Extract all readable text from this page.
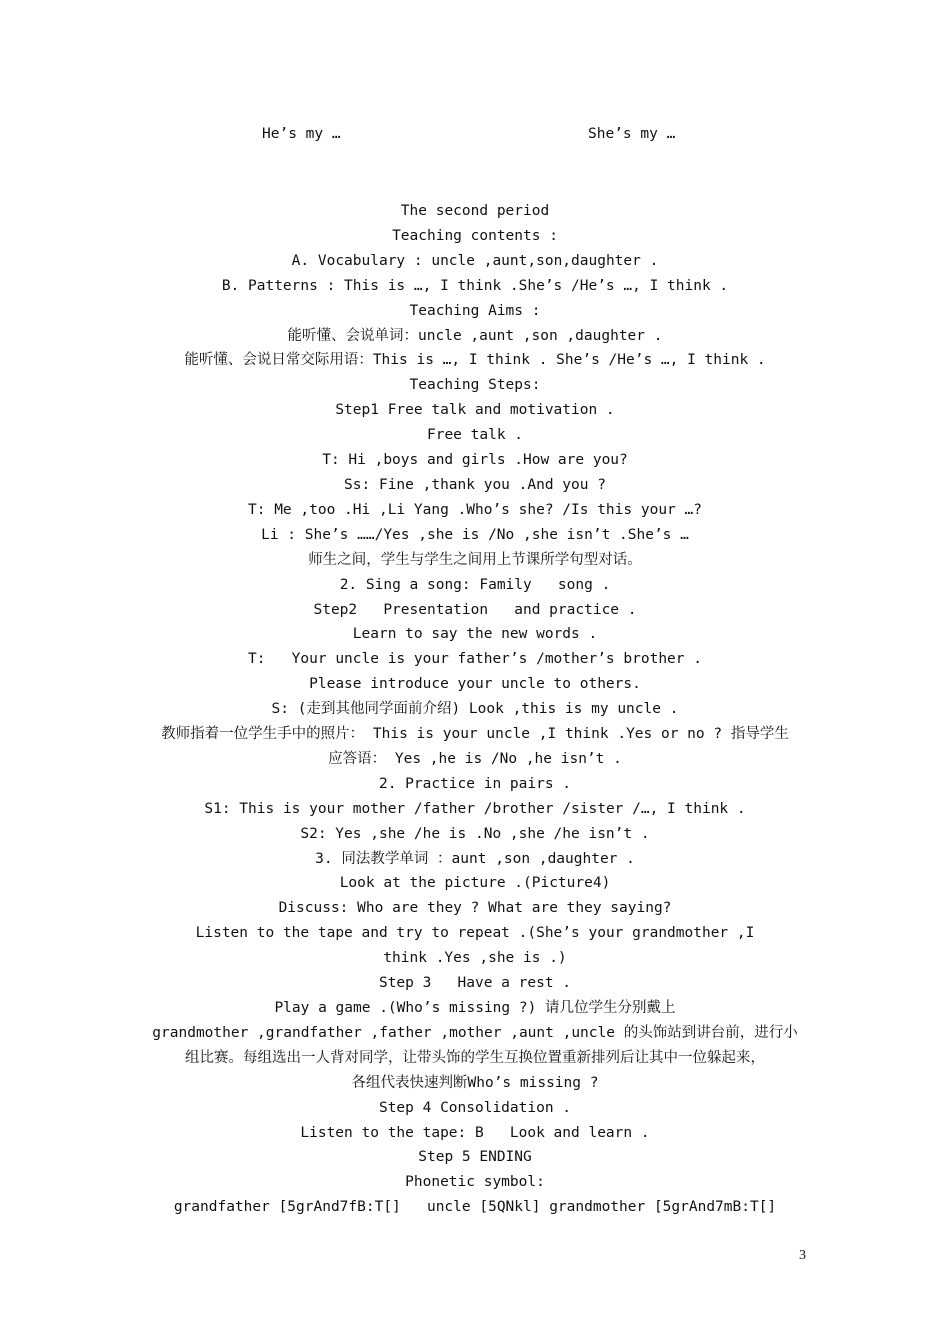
He’s my …	She’s my …
The second period
Teaching contents :
A. Vocabulary : uncle ,aunt,son,daughter .
B. Patterns : This is …, I think .She’s /He’s …, I think .
Teaching Aims :
能听懂、会说单词：uncle ,aunt ,son ,daughter .
能听懂、会说日常交际用语：This is …, I think . She’s /He’s …, I think .
Teaching Steps:
Step1 Free talk and motivation .
Free talk .
T: Hi ,boys and girls .How are you?
Ss: Fine ,thank you .And you ?
T: Me ,too .Hi ,Li Yang .Who’s she? /Is this your …?
Li : She’s ……/Yes ,she is /No ,she isn’t .She’s …
师生之间，学生与学生之间用上节课所学句型对话。
2. Sing a song: Family   song .
Step2   Presentation   and practice .
Learn to say the new words .
T:   Your uncle is your father’s /mother’s brother .
Please introduce your uncle to others.
S: (走到其他同学面前介绍) Look ,this is my uncle .
教师指着一位学生手中的照片： This is your uncle ,I think .Yes or no ? 指导学生
应答语： Yes ,he is /No ,he isn’t .
2. Practice in pairs .
S1: This is your mother /father /brother /sister /…, I think .
S2: Yes ,she /he is .No ,she /he isn’t .
3. 同法教学单词 ：aunt ,son ,daughter .
Look at the picture .(Picture4)
Discuss: Who are they ? What are they saying?
Listen to the tape and try to repeat .(She’s your grandmother ,I
think .Yes ,she is .)
Step 3   Have a rest .
Play a game .(Who’s missing ?) 请几位学生分别戴上
grandmother ,grandfather ,father ,mother ,aunt ,uncle 的头饰站到讲台前，进行小
组比赛。每组选出一人背对同学，让带头饰的学生互换位置重新排列后让其中一位躲起来，
各组代表快速判断Who’s missing ?
Step 4 Consolidation .
Listen to the tape: B   Look and learn .
Step 5 ENDING
Phonetic symbol:
grandfather [5grAnd7fB:T[]   uncle [5QNkl] grandmother [5grAnd7mB:T[]
3
